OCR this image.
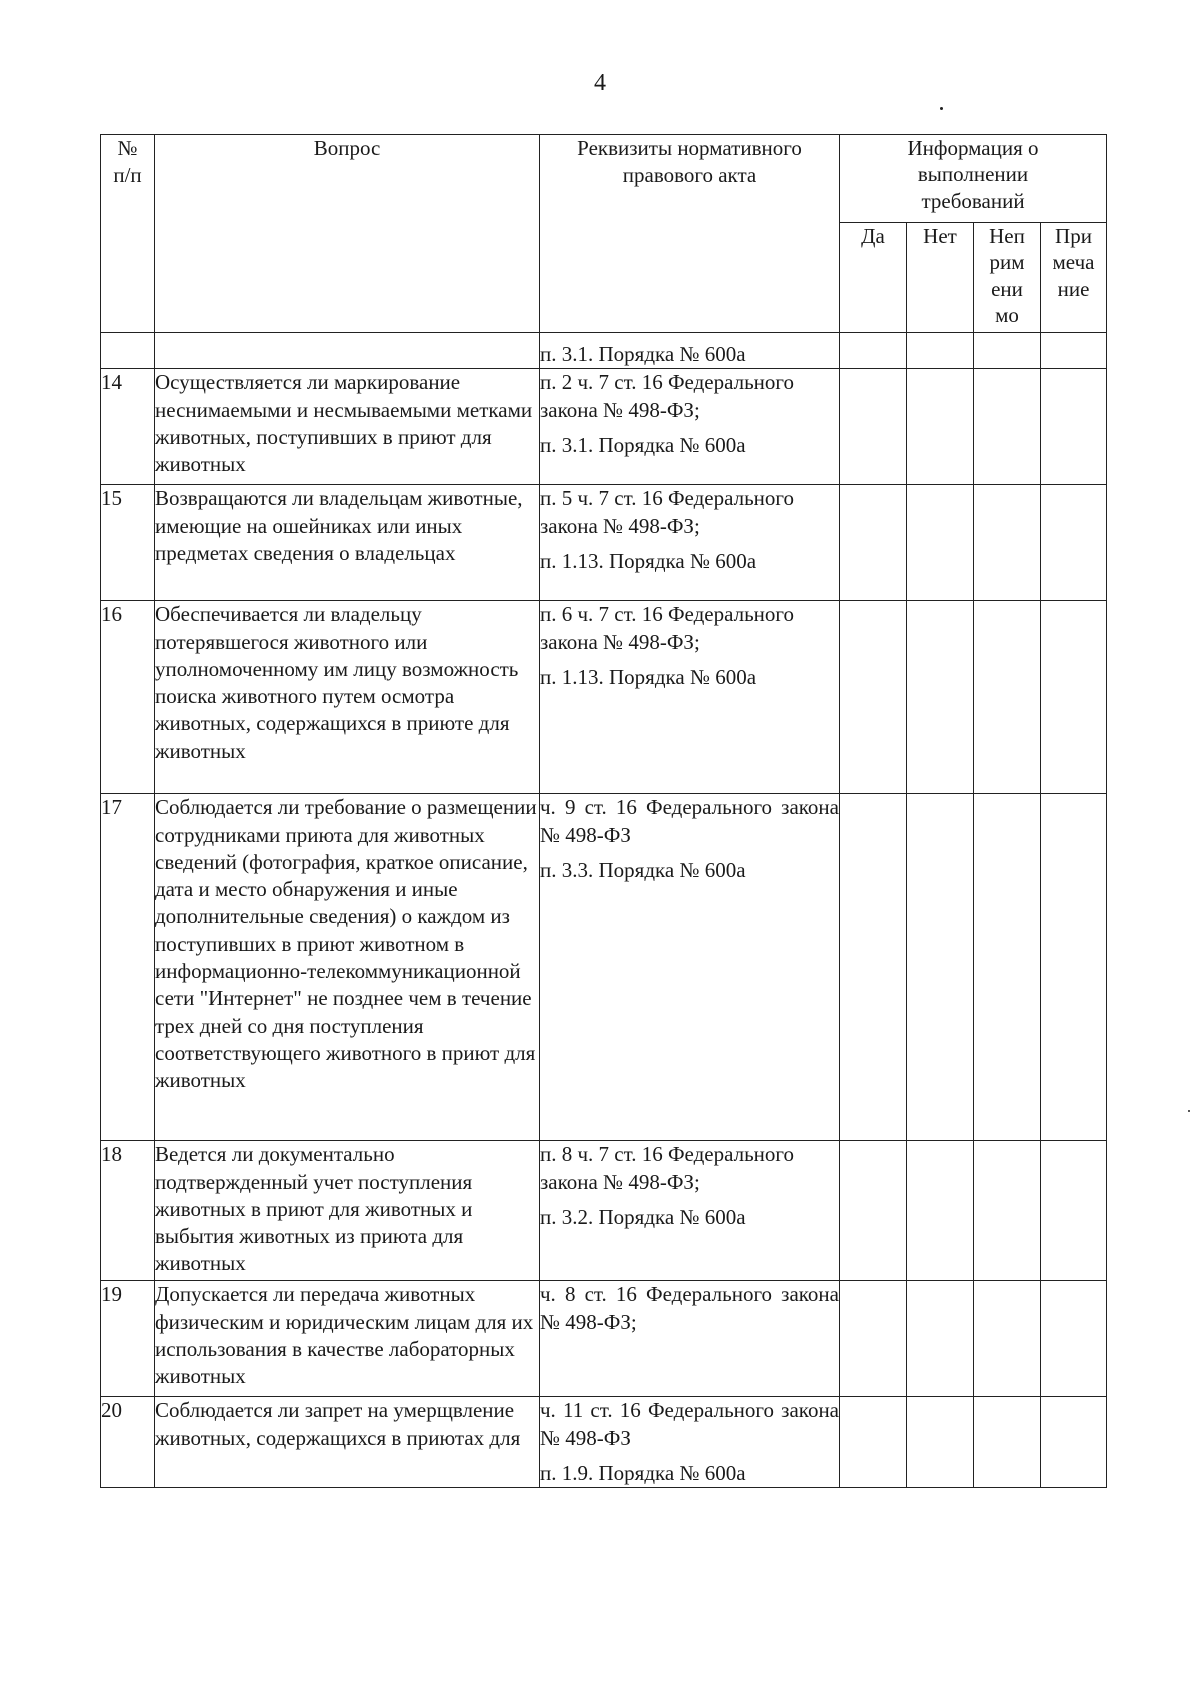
4
№ п/п	Вопрос	Реквизиты нормативного правового акта	Информация о выполнении требований			
			Да	Нет	Неприменимо	Примечание

		п. 3.1. Порядка № 600а				

14	Осуществляется ли маркирование неснимаемыми и несмываемыми метками животных, поступивших в приют для животных	п. 2 ч. 7 ст. 16 Федерального закона № 498-ФЗ;
п. 3.1. Порядка № 600а				

15	Возвращаются ли владельцам животные, имеющие на ошейниках или иных предметах сведения о владельцах	п. 5 ч. 7 ст. 16 Федерального закона № 498-ФЗ;
п. 1.13. Порядка № 600а				

16	Обеспечивается ли владельцу потерявшегося животного или уполномоченному им лицу возможность поиска животного путем осмотра животных, содержащихся в приюте для животных	п. 6 ч. 7 ст. 16 Федерального закона № 498-ФЗ;
п. 1.13. Порядка № 600а				

17	Соблюдается ли требование о размещении сотрудниками приюта для животных сведений (фотография, краткое описание, дата и место обнаружения и иные дополнительные сведения) о каждом из поступивших в приют животном в информационно-телекоммуникационной сети "Интернет" не позднее чем в течение трех дней со дня поступления соответствующего животного в приют для животных	ч. 9 ст. 16 Федерального закона № 498-ФЗ
п. 3.3. Порядка № 600а				

18	Ведется ли документально подтвержденный учет поступления животных в приют для животных и выбытия животных из приюта для животных	п. 8 ч. 7 ст. 16 Федерального закона № 498-ФЗ;
п. 3.2. Порядка № 600а				

19	Допускается ли передача животных физическим и юридическим лицам для их использования в качестве лабораторных животных	ч. 8 ст. 16 Федерального закона № 498-ФЗ;				

20	Соблюдается ли запрет на умерщвление животных, содержащихся в приютах для	ч. 11 ст. 16 Федерального закона № 498-ФЗ
п. 1.9. Порядка № 600а				
